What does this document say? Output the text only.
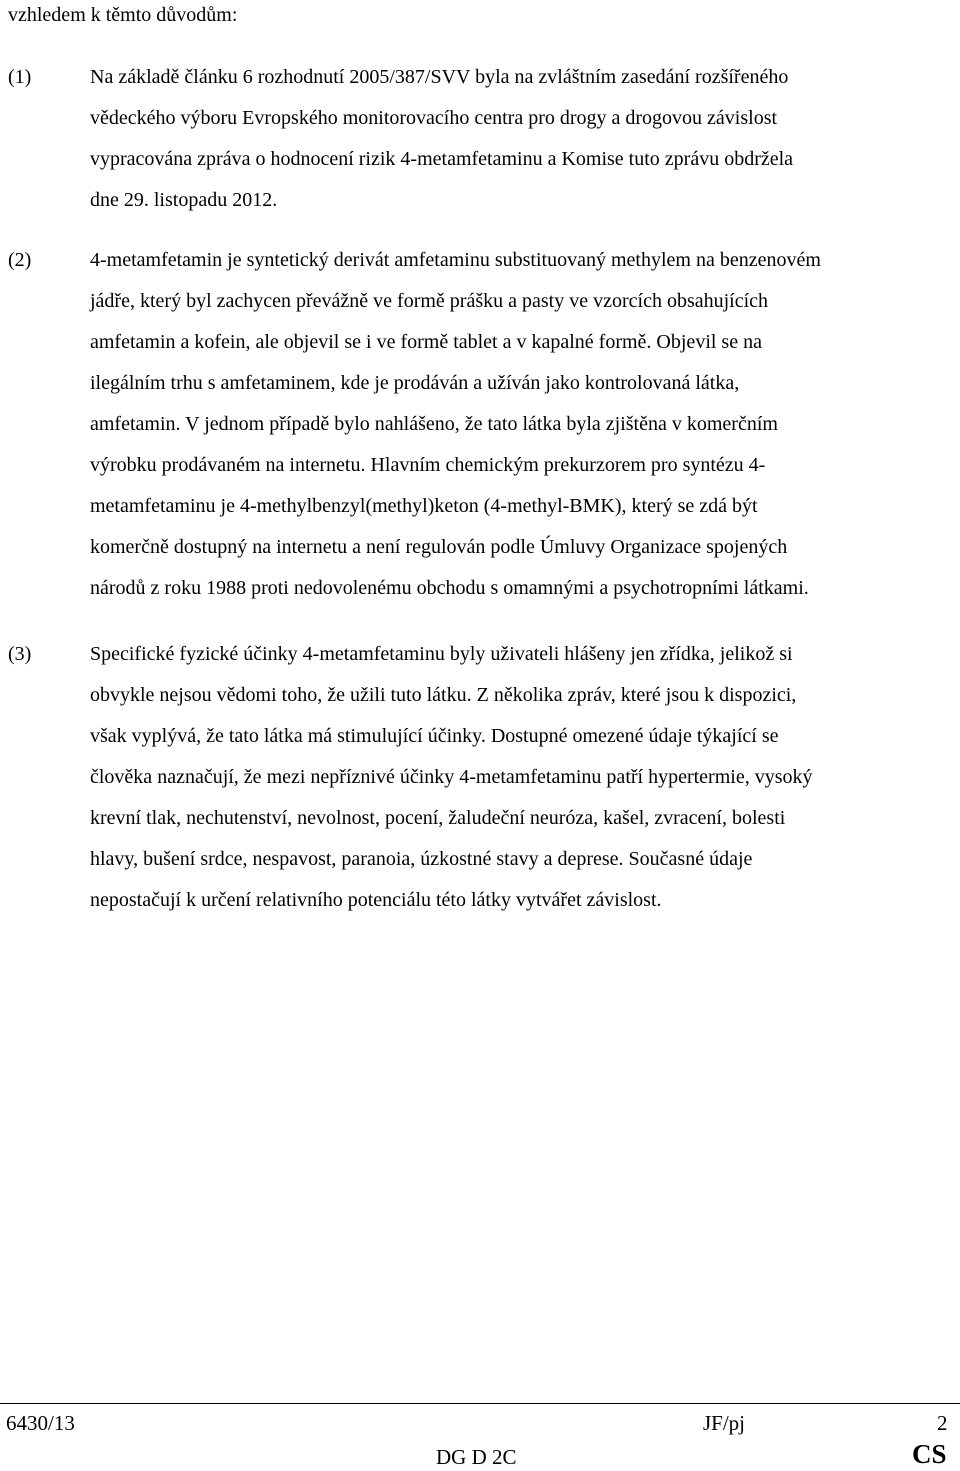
vzhledem k těmto důvodům:

(1)	Na základě článku 6 rozhodnutí 2005/387/SVV byla na zvláštním zasedání rozšířeného
vědeckého výboru Evropského monitorovacího centra pro drogy a drogovou závislost
vypracována zpráva o hodnocení rizik 4-metamfetaminu a Komise tuto zprávu obdržela
dne 29. listopadu 2012.
(2)	4-metamfetamin je syntetický derivát amfetaminu substituovaný methylem na benzenovém
jádře, který byl zachycen převážně ve formě prášku a pasty ve vzorcích obsahujících
amfetamin a kofein, ale objevil se i ve formě tablet a v kapalné formě. Objevil se na
ilegálním trhu s amfetaminem, kde je prodáván a užíván jako kontrolovaná látka,
amfetamin. V jednom případě bylo nahlášeno, že tato látka byla zjištěna v komerčním
výrobku prodávaném na internetu. Hlavním chemickým prekurzorem pro syntézu 4-
metamfetaminu je 4-methylbenzyl(methyl)keton (4-methyl-BMK), který se zdá být
komerčně dostupný na internetu a není regulován podle Úmluvy Organizace spojených
národů z roku 1988 proti nedovolenému obchodu s omamnými a psychotropními látkami.
(3)	Specifické fyzické účinky 4-metamfetaminu byly uživateli hlášeny jen zřídka, jelikož si
obvykle nejsou vědomi toho, že užili tuto látku. Z několika zpráv, které jsou k dispozici,
však vyplývá, že tato látka má stimulující účinky. Dostupné omezené údaje týkající se
člověka naznačují, že mezi nepříznivé účinky 4-metamfetaminu patří hypertermie, vysoký
krevní tlak, nechutenství, nevolnost, pocení, žaludeční neuróza, kašel, zvracení, bolesti
hlavy, bušení srdce, nespavost, paranoia, úzkostné stavy a deprese. Současné údaje
nepostačují k určení relativního potenciálu této látky vytvářet závislost.
6430/13	JF/pj	2
DG D 2C	CS
